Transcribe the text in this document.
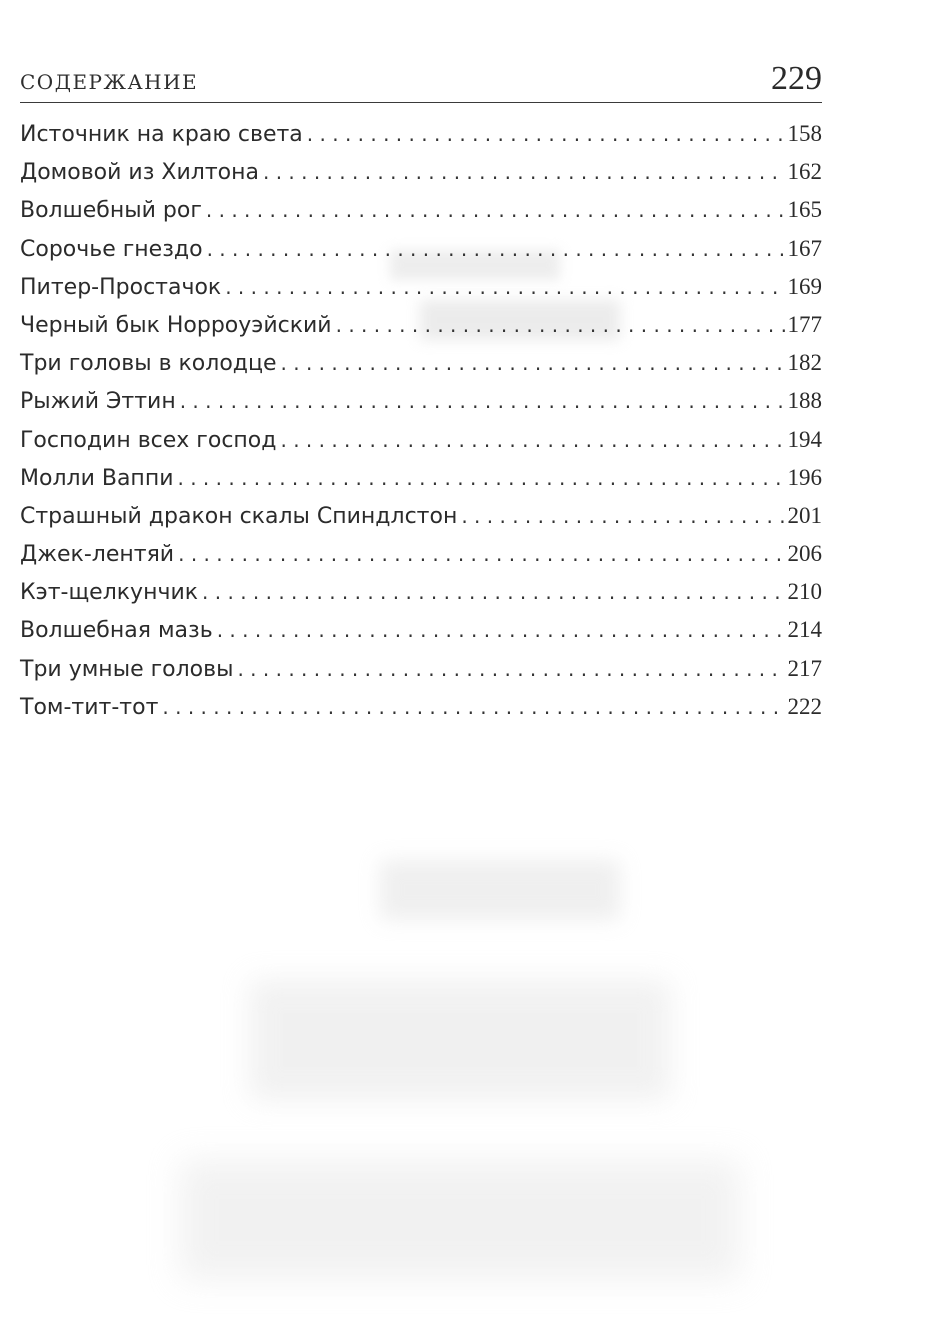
СОДЕРЖАНИЕ	229
Источник на краю света . . .	158
Домовой из Хилтона . . .	162
Волшебный рог . . .	165
Сорочье гнездо . . .	167
Питер-Простачок . . .	169
Черный бык Норроуэйский . . .	177
Три головы в колодце . . .	182
Рыжий Эттин . . .	188
Господин всех господ . . .	194
Молли Ваппи . . .	196
Страшный дракон скалы Спиндлстон . . .	201
Джек-лентяй . . .	206
Кэт-щелкунчик . . .	210
Волшебная мазь . . .	214
Три умные головы . . .	217
Том-тит-тот . . .	222
